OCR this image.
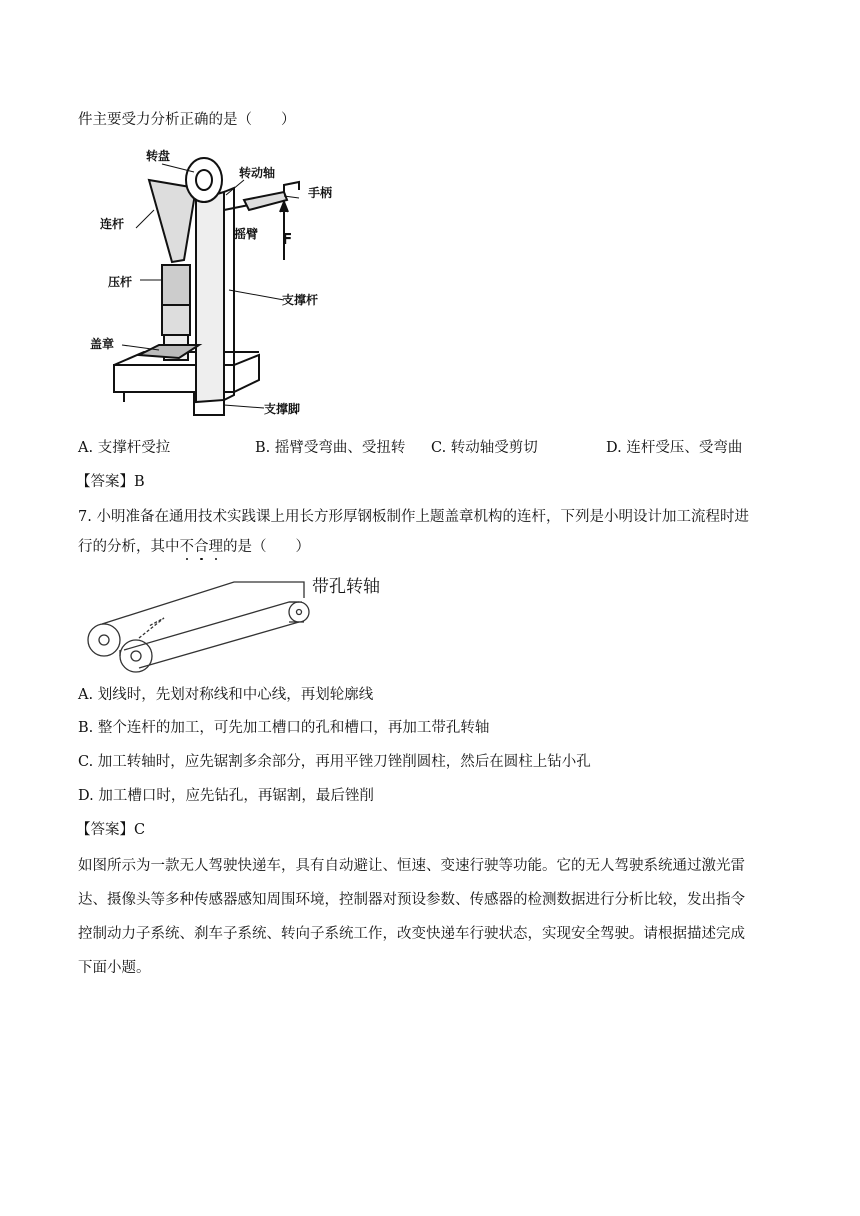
件主要受力分析正确的是（　　）
转盘
转动轴
手柄
连杆
摇臂 F
压杆
支撑杆
盖章
支撑脚
A. 支撑杆受拉	B. 摇臂受弯曲、受扭转 C. 转动轴受剪切	D. 连杆受压、受弯曲
【答案】B
7. 小明准备在通用技术实践课上用长方形厚钢板制作上题盖章机构的连杆，下列是小明设计加工流程时进
行的分析，其中不合理的是（　　）
带孔转轴
A. 划线时，先划对称线和中心线，再划轮廓线
B. 整个连杆的加工，可先加工槽口的孔和槽口，再加工带孔转轴
C. 加工转轴时，应先锯割多余部分，再用平锉刀锉削圆柱，然后在圆柱上钻小孔
D. 加工槽口时，应先钻孔，再锯割，最后锉削
【答案】C
如图所示为一款无人驾驶快递车，具有自动避让、恒速、变速行驶等功能。它的无人驾驶系统通过激光雷
达、摄像头等多种传感器感知周围环境，控制器对预设参数、传感器的检测数据进行分析比较，发出指令
控制动力子系统、刹车子系统、转向子系统工作，改变快递车行驶状态，实现安全驾驶。请根据描述完成
下面小题。
